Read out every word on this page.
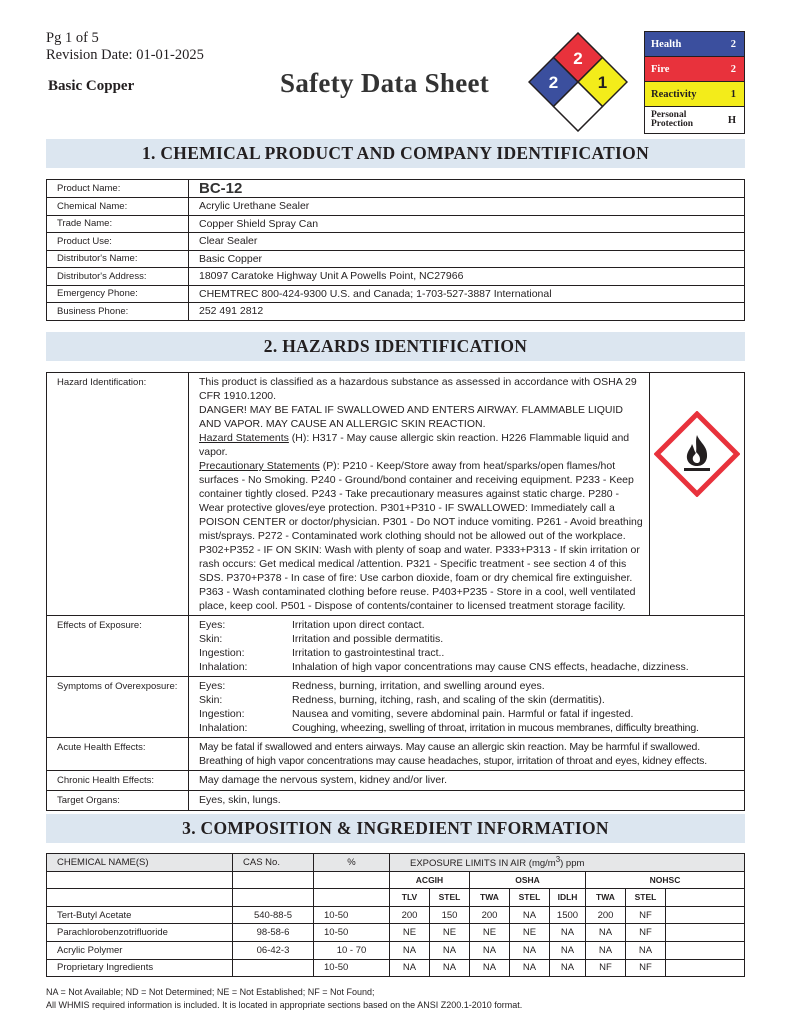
Pg 1 of 5
Revision Date: 01-01-2025
Basic Copper	Safety Data Sheet
2
2 1
Health	2
Fire	2
Reactivity	1
Personal
Protection	H
1. CHEMICAL PRODUCT AND COMPANY IDENTIFICATION
Product Name:	BC-12
Chemical Name:	Acrylic Urethane Sealer
Trade Name:	Copper Shield Spray Can
Product Use:	Clear Sealer
Distributor's Name:	Basic Copper
Distributor's Address:	18097 Caratoke Highway Unit A Powells Point, NC27966
Emergency Phone:	CHEMTREC 800-424-9300 U.S. and Canada; 1-703-527-3887 International
Business Phone:	252 491 2812
2. HAZARDS IDENTIFICATION
Hazard Identification:	This product is classified as a hazardous substance as assessed in accordance with OSHA 29 CFR 1910.1200.
DANGER! MAY BE FATAL IF SWALLOWED AND ENTERS AIRWAY. FLAMMABLE LIQUID AND VAPOR. MAY CAUSE AN ALLERGIC SKIN REACTION.
Hazard Statements (H): H317 - May cause allergic skin reaction. H226 Flammable liquid and vapor.
Precautionary Statements (P): P210 - Keep/Store away from heat/sparks/open flames/hot surfaces - No Smoking. P240 - Ground/bond container and receiving equipment. P233 - Keep container tightly closed. P243 - Take precautionary measures against static charge. P280 - Wear protective gloves/eye protection. P301+P310 - IF SWALLOWED: Immediately call a POISON CENTER or doctor/physician. P301 - Do NOT induce vomiting. P261 - Avoid breathing mist/sprays. P272 - Contaminated work clothing should not be allowed out of the workplace. P302+P352 - IF ON SKIN: Wash with plenty of soap and water. P333+P313 - If skin irritation or rash occurs: Get medical medical /attention. P321 - Specific treatment - see section 4 of this SDS. P370+P378 - In case of fire: Use carbon dioxide, foam or dry chemical fire extinguisher. P363 - Wash contaminated clothing before reuse. P403+P235 - Store in a cool, well ventilated place, keep cool. P501 - Dispose of contents/container to licensed treatment storage facility.	
Effects of Exposure:	Eyes:	Irritation upon direct contact.
Skin:	Irritation and possible dermatitis.
Ingestion:	Irritation to gastrointestinal tract..
Inhalation:	Inhalation of high vapor concentrations may cause CNS effects, headache, dizziness.

Symptoms of Overexposure:	Eyes:	Redness, burning, irritation, and swelling around eyes.
Skin:	Redness, burning, itching, rash, and scaling of the skin (dermatitis).
Ingestion:	Nausea and vomiting, severe abdominal pain. Harmful or fatal if ingested.
Inhalation:	Coughing, wheezing, swelling of throat, irritation in mucous membranes, difficulty breathing.

Acute Health Effects:	May be fatal if swallowed and enters airways. May cause an allergic skin reaction. May be harmful if swallowed. Breathing of high vapor concentrations may cause headaches, stupor, irritation of throat and eyes, kidney effects.	
Chronic Health Effects:	May damage the nervous system, kidney and/or liver.	
Target Organs:	Eyes, skin, lungs.	
3. COMPOSITION & INGREDIENT INFORMATION
CHEMICAL NAME(S)	CAS No.	%	EXPOSURE LIMITS IN AIR $(mg/m^3)$ ppm							
			ACGIH		OSHA			NOHSC		
			TLV	STEL	TWA	STEL	IDLH	TWA	STEL	
Tert-Butyl Acetate	540-88-5	10-50	200	150	200	NA	1500	200	NF	
Parachlorobenzotrifluoride	98-58-6	10-50	NE	NE	NE	NE	NA	NA	NF	
Acrylic Polymer	06-42-3	10 - 70	NA	NA	NA	NA	NA	NA	NA	
Proprietary Ingredients		10-50	NA	NA	NA	NA	NA	NF	NF	
NA = Not Available; ND = Not Determined; NE = Not Established; NF = Not Found;
All WHMIS required information is included. It is located in appropriate sections based on the ANSI Z200.1-2010 format.
